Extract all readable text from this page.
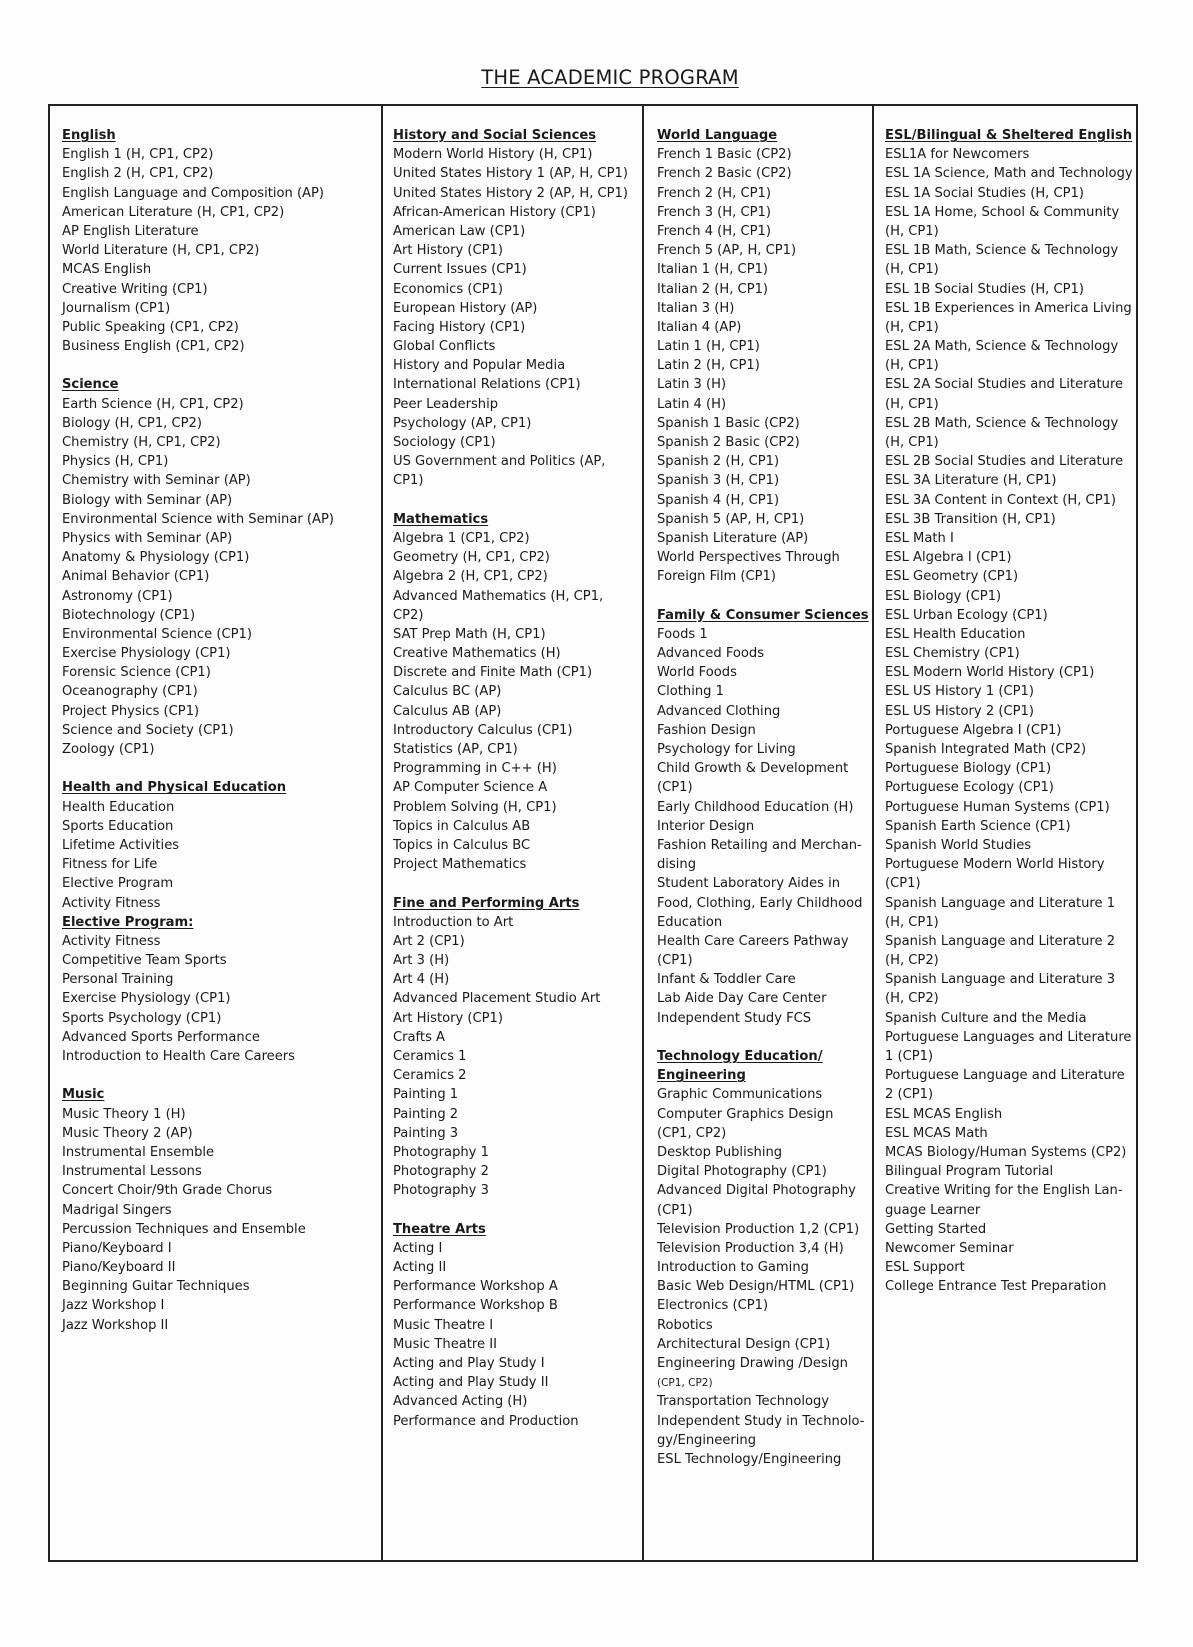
THE ACADEMIC PROGRAM
English
English 1 (H, CP1, CP2)
English 2 (H, CP1, CP2)
English Language and Composition (AP)
American Literature (H, CP1, CP2)
AP English Literature
World Literature (H, CP1, CP2)
MCAS English
Creative Writing (CP1)
Journalism (CP1)
Public Speaking (CP1, CP2)
Business English (CP1, CP2)
Science
Earth Science (H, CP1, CP2)
Biology (H, CP1, CP2)
Chemistry (H, CP1, CP2)
Physics (H, CP1)
Chemistry with Seminar (AP)
Biology with Seminar (AP)
Environmental Science with Seminar (AP)
Physics with Seminar (AP)
Anatomy & Physiology (CP1)
Animal Behavior (CP1)
Astronomy (CP1)
Biotechnology (CP1)
Environmental Science (CP1)
Exercise Physiology (CP1)
Forensic Science (CP1)
Oceanography (CP1)
Project Physics (CP1)
Science and Society (CP1)
Zoology (CP1)
Health and Physical Education
Health Education
Sports Education
Lifetime Activities
Fitness for Life
Elective Program
Activity Fitness
Elective Program:
Activity Fitness
Competitive Team Sports
Personal Training
Exercise Physiology (CP1)
Sports Psychology (CP1)
Advanced Sports Performance
Introduction to Health Care Careers
Music
Music Theory 1 (H)
Music Theory 2 (AP)
Instrumental Ensemble
Instrumental Lessons
Concert Choir/9th Grade Chorus
Madrigal Singers
Percussion Techniques and Ensemble
Piano/Keyboard I
Piano/Keyboard II
Beginning Guitar Techniques
Jazz Workshop I
Jazz Workshop II
History and Social Sciences
Modern World History (H, CP1)
United States History 1 (AP, H, CP1)
United States History 2 (AP, H, CP1)
African-American History (CP1)
American Law (CP1)
Art History (CP1)
Current Issues (CP1)
Economics (CP1)
European History (AP)
Facing History (CP1)
Global Conflicts
History and Popular Media
International Relations (CP1)
Peer Leadership
Psychology (AP, CP1)
Sociology (CP1)
US Government and Politics (AP,
CP1)
Mathematics
Algebra 1 (CP1, CP2)
Geometry (H, CP1, CP2)
Algebra 2 (H, CP1, CP2)
Advanced Mathematics (H, CP1,
CP2)
SAT Prep Math (H, CP1)
Creative Mathematics (H)
Discrete and Finite Math (CP1)
Calculus BC (AP)
Calculus AB (AP)
Introductory Calculus (CP1)
Statistics (AP, CP1)
Programming in C++ (H)
AP Computer Science A
Problem Solving (H, CP1)
Topics in Calculus AB
Topics in Calculus BC
Project Mathematics
Fine and Performing Arts
Introduction to Art
Art 2 (CP1)
Art 3 (H)
Art 4 (H)
Advanced Placement Studio Art
Art History (CP1)
Crafts A
Ceramics 1
Ceramics 2
Painting 1
Painting 2
Painting 3
Photography 1
Photography 2
Photography 3
Theatre Arts
Acting I
Acting II
Performance Workshop A
Performance Workshop B
Music Theatre I
Music Theatre II
Acting and Play Study I
Acting and Play Study II
Advanced Acting (H)
Performance and Production
World Language
French 1 Basic (CP2)
French 2 Basic (CP2)
French 2 (H, CP1)
French 3 (H, CP1)
French 4 (H, CP1)
French 5 (AP, H, CP1)
Italian 1 (H, CP1)
Italian 2 (H, CP1)
Italian 3 (H)
Italian 4 (AP)
Latin 1 (H, CP1)
Latin 2 (H, CP1)
Latin 3 (H)
Latin 4 (H)
Spanish 1 Basic (CP2)
Spanish 2 Basic (CP2)
Spanish 2 (H, CP1)
Spanish 3 (H, CP1)
Spanish 4 (H, CP1)
Spanish 5 (AP, H, CP1)
Spanish Literature (AP)
World Perspectives Through
Foreign Film (CP1)
Family & Consumer Sciences
Foods 1
Advanced Foods
World Foods
Clothing 1
Advanced Clothing
Fashion Design
Psychology for Living
Child Growth & Development
(CP1)
Early Childhood Education (H)
Interior Design
Fashion Retailing and Merchan-
dising
Student Laboratory Aides in
Food, Clothing, Early Childhood
Education
Health Care Careers Pathway
(CP1)
Infant & Toddler Care
Lab Aide Day Care Center
Independent Study FCS
Technology Education/
Engineering
Graphic Communications
Computer Graphics Design
(CP1, CP2)
Desktop Publishing
Digital Photography (CP1)
Advanced Digital Photography
(CP1)
Television Production 1,2 (CP1)
Television Production 3,4 (H)
Introduction to Gaming
Basic Web Design/HTML (CP1)
Electronics (CP1)
Robotics
Architectural Design (CP1)
Engineering Drawing /Design
(CP1, CP2)
Transportation Technology
Independent Study in Technolo-
gy/Engineering
ESL Technology/Engineering
ESL/Bilingual & Sheltered English
ESL1A for Newcomers
ESL 1A Science, Math and Technology
ESL 1A Social Studies (H, CP1)
ESL 1A Home, School & Community
(H, CP1)
ESL 1B Math, Science & Technology
(H, CP1)
ESL 1B Social Studies (H, CP1)
ESL 1B Experiences in America Living
(H, CP1)
ESL 2A Math, Science & Technology
(H, CP1)
ESL 2A Social Studies and Literature
(H, CP1)
ESL 2B Math, Science & Technology
(H, CP1)
ESL 2B Social Studies and Literature
ESL 3A Literature (H, CP1)
ESL 3A Content in Context (H, CP1)
ESL 3B Transition (H, CP1)
ESL Math I
ESL Algebra I (CP1)
ESL Geometry (CP1)
ESL Biology (CP1)
ESL Urban Ecology (CP1)
ESL Health Education
ESL Chemistry (CP1)
ESL Modern World History (CP1)
ESL US History 1 (CP1)
ESL US History 2 (CP1)
Portuguese Algebra I (CP1)
Spanish Integrated Math (CP2)
Portuguese Biology (CP1)
Portuguese Ecology (CP1)
Portuguese Human Systems (CP1)
Spanish Earth Science (CP1)
Spanish World Studies
Portuguese Modern World History
(CP1)
Spanish Language and Literature 1
(H, CP1)
Spanish Language and Literature 2
(H, CP2)
Spanish Language and Literature 3
(H, CP2)
Spanish Culture and the Media
Portuguese Languages and Literature
1 (CP1)
Portuguese Language and Literature
2 (CP1)
ESL MCAS English
ESL MCAS Math
MCAS Biology/Human Systems (CP2)
Bilingual Program Tutorial
Creative Writing for the English Lan-
guage Learner
Getting Started
Newcomer Seminar
ESL Support
College Entrance Test Preparation
